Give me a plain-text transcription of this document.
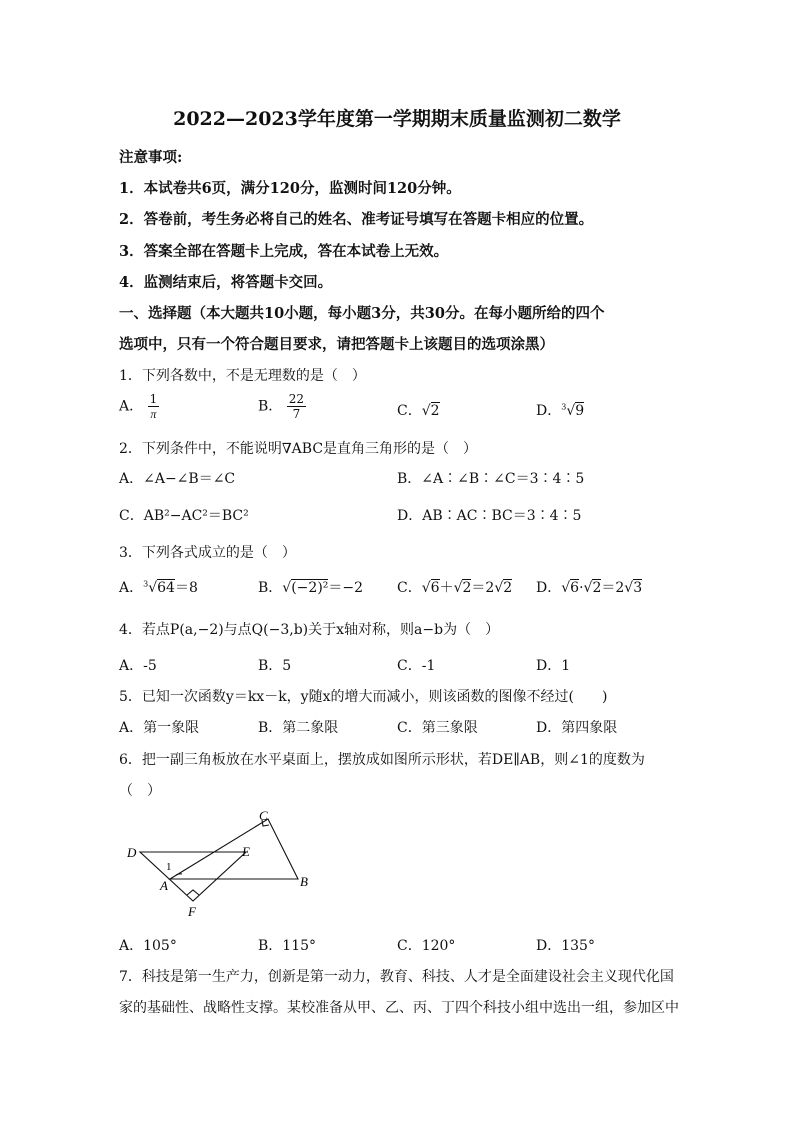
2022—2023学年度第一学期期末质量监测初二数学
注意事项:
1．本试卷共6页，满分120分，监测时间120分钟。
2．答卷前，考生务必将自己的姓名、准考证号填写在答题卡相应的位置。
3．答案全部在答题卡上完成，答在本试卷上无效。
4．监测结束后，将答题卡交回。
一、选择题（本大题共10小题，每小题3分，共30分。在每小题所给的四个
选项中，只有一个符合题目要求，请把答题卡上该题目的选项涂黑）
1．下列各数中，不是无理数的是（　）
A． $\frac{1}{\pi}$	B． $\frac{22}{7}$	C．√2	D．$^3$√9
2．下列条件中，不能说明∇ABC是直角三角形的是（　）
A．∠A−∠B＝∠C	B．∠A∶∠B∶∠C＝3∶4∶5
C．AB²−AC²＝BC²	D．AB∶AC∶BC＝3∶4∶5
3．下列各式成立的是（　）
A．$^3$√64＝8	B．√(−2)²＝−2 C．√6＋√2＝2√2 D．√6·√2＝2√3
4．若点P(a,−2)与点Q(−3,b)关于x轴对称，则a−b为（　）
A．-5	B．5	C．-1	D．1
5．已知一次函数y＝kx－k，y随x的增大而减小，则该函数的图像不经过(　　)
A．第一象限	B．第二象限	C．第三象限	D．第四象限
6．把一副三角板放在水平桌面上，摆放成如图所示形状，若DE∥AB，则∠1的度数为
（　）
C
D	E
A	B
F
1
A．105°	B．115°	C．120°	D．135°
7．科技是第一生产力，创新是第一动力，教育、科技、人才是全面建设社会主义现代化国
家的基础性、战略性支撑。某校准备从甲、乙、丙、丁四个科技小组中选出一组，参加区中
